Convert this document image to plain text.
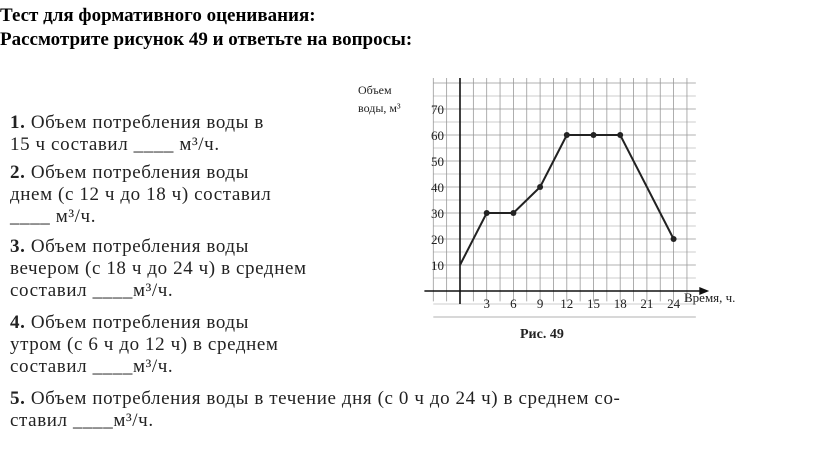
Тест для формативного оценивания:
Рассмотрите рисунок 49 и ответьте на вопросы:
1. Объем потребления воды в
15 ч составил ____ м³/ч.
2. Объем потребления воды
днем (с 12 ч до 18 ч) составил
____ м³/ч.
3. Объем потребления воды
вечером (с 18 ч до 24 ч) в среднем
составил ____м³/ч.
4. Объем потребления воды
утром (с 6 ч до 12 ч) в среднем
составил ____м³/ч.
5. Объем потребления воды в течение дня (с 0 ч до 24 ч) в среднем со-
ставил ____м³/ч.
3 6 9 12 15 18 21 24
10
20
30
40
50
60
70
Объем
воды, м³
Время, ч.
Рис. 49
